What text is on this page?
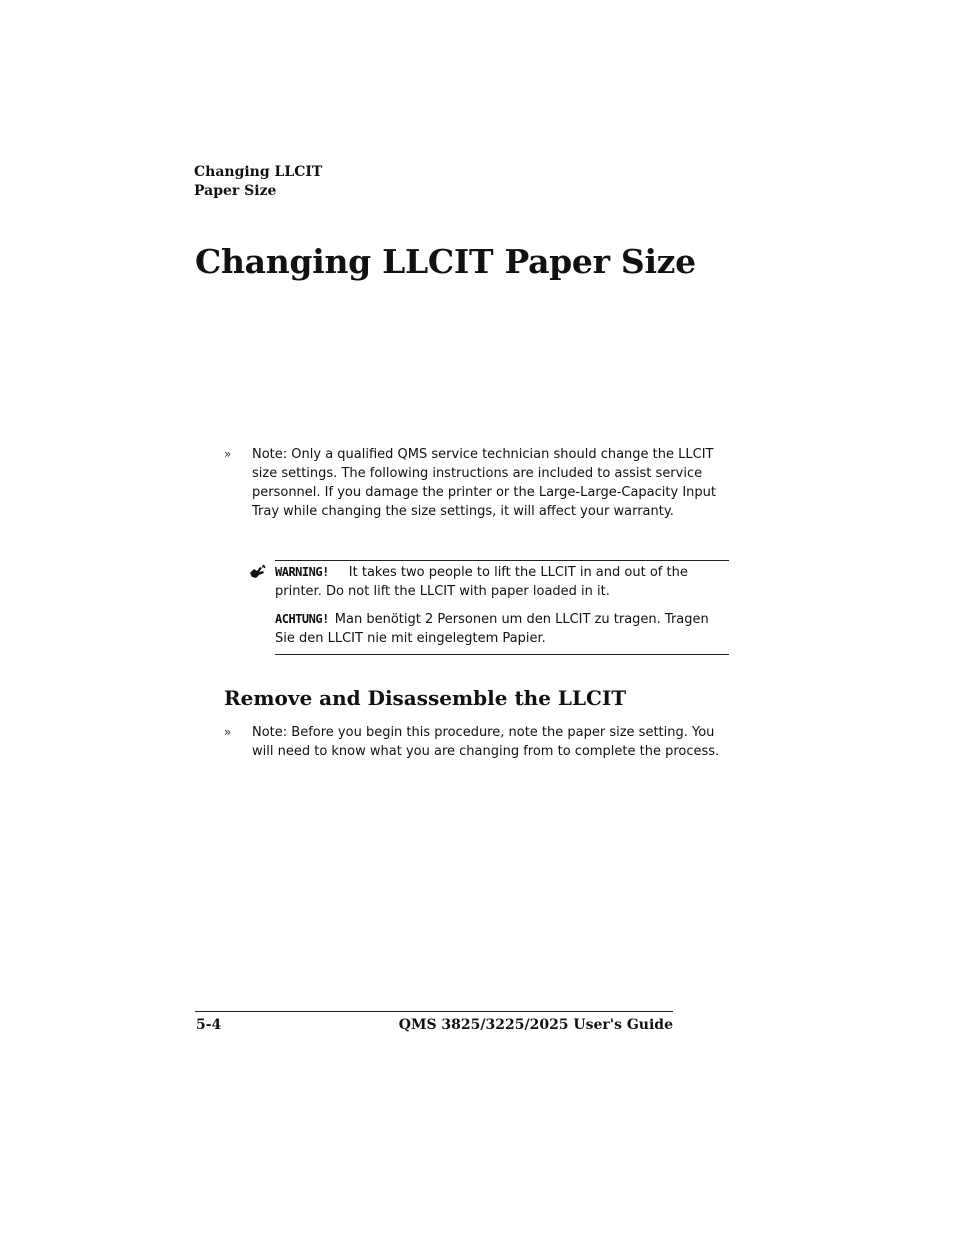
Changing LLCIT
Paper Size
Changing LLCIT Paper Size
» Note: Only a qualified QMS service technician should change the LLCIT size settings. The following instructions are included to assist service personnel. If you damage the printer or the Large-Large-Capacity Input Tray while changing the size settings, it will affect your warranty.

WARNING! It takes two people to lift the LLCIT in and out of the printer. Do not lift the LLCIT with paper loaded in it.

ACHTUNG! Man benötigt 2 Personen um den LLCIT zu tragen. Tragen Sie den LLCIT nie mit eingelegtem Papier.

Remove and Disassemble the LLCIT
» Note: Before you begin this procedure, note the paper size setting. You will need to know what you are changing from to complete the process.
5-4	QMS 3825/3225/2025 User's Guide
